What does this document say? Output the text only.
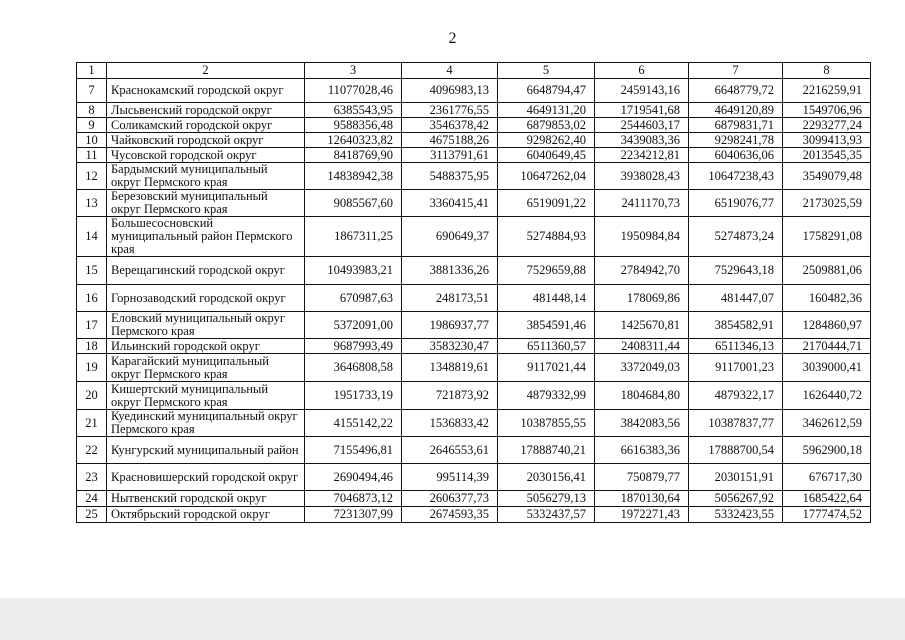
2
1	2	3	4	5	6	7	8
7	Краснокамский городской округ	11077028,46	4096983,13	6648794,47	2459143,16	6648779,72	2216259,91
8	Лысьвенский городской округ	6385543,95	2361776,55	4649131,20	1719541,68	4649120,89	1549706,96
9	Соликамский городской округ	9588356,48	3546378,42	6879853,02	2544603,17	6879831,71	2293277,24
10	Чайковский городской округ	12640323,82	4675188,26	9298262,40	3439083,36	9298241,78	3099413,93
11	Чусовской городской округ	8418769,90	3113791,61	6040649,45	2234212,81	6040636,06	2013545,35
12	Бардымский муниципальный округ Пермского края	14838942,38	5488375,95	10647262,04	3938028,43	10647238,43	3549079,48
13	Березовский муниципальный округ Пермского края	9085567,60	3360415,41	6519091,22	2411170,73	6519076,77	2173025,59
14	Большесосновский муниципальный район Пермского края	1867311,25	690649,37	5274884,93	1950984,84	5274873,24	1758291,08
15	Верещагинский городской округ	10493983,21	3881336,26	7529659,88	2784942,70	7529643,18	2509881,06
16	Горнозаводский городской округ	670987,63	248173,51	481448,14	178069,86	481447,07	160482,36
17	Еловский муниципальный округ Пермского края	5372091,00	1986937,77	3854591,46	1425670,81	3854582,91	1284860,97
18	Ильинский городской округ	9687993,49	3583230,47	6511360,57	2408311,44	6511346,13	2170444,71
19	Карагайский муниципальный округ Пермского края	3646808,58	1348819,61	9117021,44	3372049,03	9117001,23	3039000,41
20	Кишертский муниципальный округ Пермского края	1951733,19	721873,92	4879332,99	1804684,80	4879322,17	1626440,72
21	Куединский муниципальный округ Пермского края	4155142,22	1536833,42	10387855,55	3842083,56	10387837,77	3462612,59
22	Кунгурский муниципальный район	7155496,81	2646553,61	17888740,21	6616383,36	17888700,54	5962900,18
23	Красновишерский городской округ	2690494,46	995114,39	2030156,41	750879,77	2030151,91	676717,30
24	Нытвенский городской округ	7046873,12	2606377,73	5056279,13	1870130,64	5056267,92	1685422,64
25	Октябрьский городской округ	7231307,99	2674593,35	5332437,57	1972271,43	5332423,55	1777474,52
